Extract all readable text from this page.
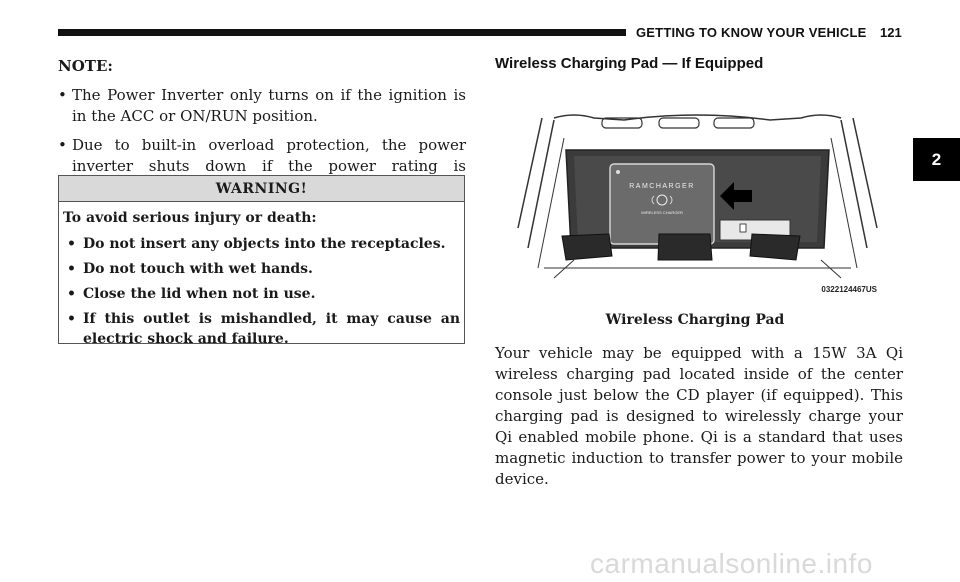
GETTING TO KNOW YOUR VEHICLE 121
2

NOTE:

• The Power Inverter only turns on if the ignition is in the ACC or ON/RUN position.
• Due to built-in overload protection, the power inverter shuts down if the power rating is
WARNING!

To avoid serious injury or death:

• Do not insert any objects into the receptacles.
• Do not touch with wet hands.
• Close the lid when not in use.
• If this outlet is mishandled, it may cause an electric shock and failure.
Wireless Charging Pad — If Equipped
RAMCHARGER
WIRELESS CHARGER
0322124467US
Wireless Charging Pad
Your vehicle may be equipped with a 15W 3A Qi wireless charging pad located inside of the center console just below the CD player (if equipped). This charging pad is designed to wirelessly charge your Qi enabled mobile phone. Qi is a standard that uses magnetic induction to transfer power to your mobile device.
carmanualsonline.info
